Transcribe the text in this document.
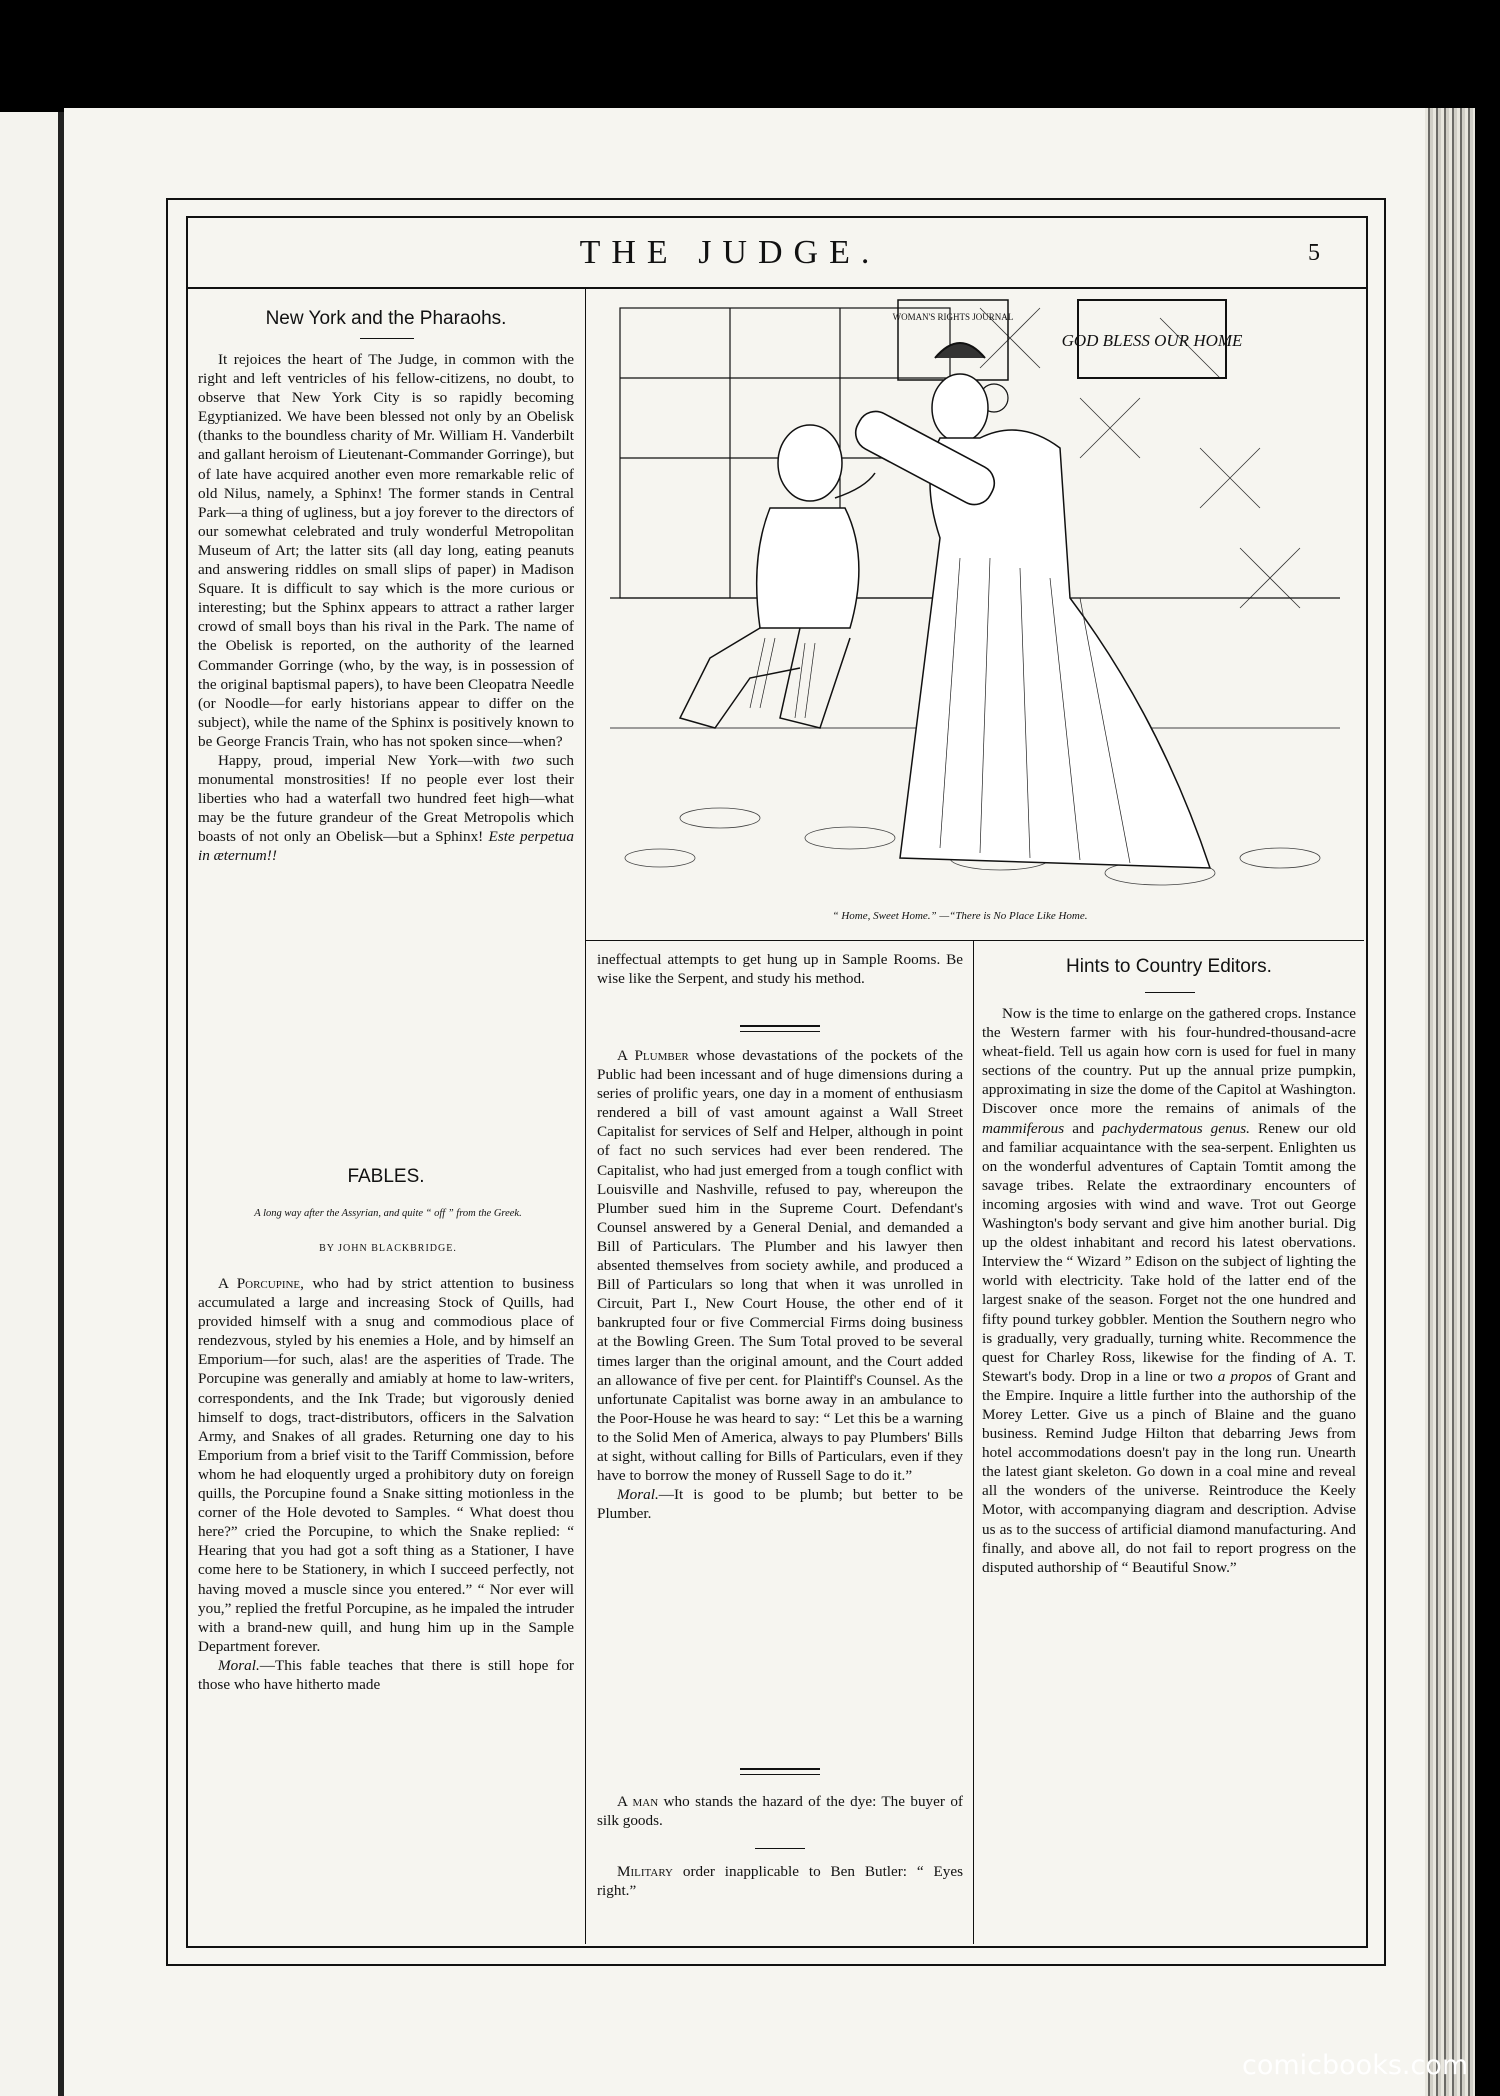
THE JUDGE.	5
New York and the Pharaohs.

It rejoices the heart of The Judge, in common with the right and left ventricles of his fellow-citizens, no doubt, to observe that New York City is so rapidly becoming Egyptianized. We have been blessed not only by an Obelisk (thanks to the boundless charity of Mr. William H. Vanderbilt and gallant heroism of Lieutenant-Commander Gorringe), but of late have acquired another even more remarkable relic of old Nilus, namely, a Sphinx! The former stands in Central Park—a thing of ugliness, but a joy forever to the directors of our somewhat celebrated and truly wonderful Metropolitan Museum of Art; the latter sits (all day long, eating peanuts and answering riddles on small slips of paper) in Madison Square. It is difficult to say which is the more curious or interesting; but the Sphinx appears to attract a rather larger crowd of small boys than his rival in the Park. The name of the Obelisk is reported, on the authority of the learned Commander Gorringe (who, by the way, is in possession of the original baptismal papers), to have been Cleopatra Needle (or Noodle—for early historians appear to differ on the subject), while the name of the Sphinx is positively known to be George Francis Train, who has not spoken since—when?

Happy, proud, imperial New York—with two such monumental monstrosities! If no people ever lost their liberties who had a waterfall two hundred feet high—what may be the future grandeur of the Great Metropolis which boasts of not only an Obelisk—but a Sphinx! Este perpetua in æternum!!

FABLES.
A long way after the Assyrian, and quite “ off ” from the Greek.
BY JOHN BLACKBRIDGE.

A Porcupine, who had by strict attention to business accumulated a large and increasing Stock of Quills, had provided himself with a snug and commodious place of rendezvous, styled by his enemies a Hole, and by himself an Emporium—for such, alas! are the asperities of Trade. The Porcupine was generally and amiably at home to law-writers, correspondents, and the Ink Trade; but vigorously denied himself to dogs, tract-distributors, officers in the Salvation Army, and Snakes of all grades. Returning one day to his Emporium from a brief visit to the Tariff Commission, before whom he had eloquently urged a prohibitory duty on foreign quills, the Porcupine found a Snake sitting motionless in the corner of the Hole devoted to Samples. “ What doest thou here?” cried the Porcupine, to which the Snake replied: “ Hearing that you had got a soft thing as a Stationer, I have come here to be Stationery, in which I succeed perfectly, not having moved a muscle since you entered.” “ Nor ever will you,” replied the fretful Porcupine, as he impaled the intruder with a brand-new quill, and hung him up in the Sample Department forever.

Moral.—This fable teaches that there is still hope for those who have hitherto made

WOMAN'S RIGHTS JOURNAL
GOD BLESS OUR HOME
“ Home, Sweet Home.” —“There is No Place Like Home.

ineffectual attempts to get hung up in Sample Rooms. Be wise like the Serpent, and study his method.

A Plumber whose devastations of the pockets of the Public had been incessant and of huge dimensions during a series of prolific years, one day in a moment of enthusiasm rendered a bill of vast amount against a Wall Street Capitalist for services of Self and Helper, although in point of fact no such services had ever been rendered. The Capitalist, who had just emerged from a tough conflict with Louisville and Nashville, refused to pay, whereupon the Plumber sued him in the Supreme Court. Defendant's Counsel answered by a General Denial, and demanded a Bill of Particulars. The Plumber and his lawyer then absented themselves from society awhile, and produced a Bill of Particulars so long that when it was unrolled in Circuit, Part I., New Court House, the other end of it bankrupted four or five Commercial Firms doing business at the Bowling Green. The Sum Total proved to be several times larger than the original amount, and the Court added an allowance of five per cent. for Plaintiff's Counsel. As the unfortunate Capitalist was borne away in an ambulance to the Poor-House he was heard to say: “ Let this be a warning to the Solid Men of America, always to pay Plumbers' Bills at sight, without calling for Bills of Particulars, even if they have to borrow the money of Russell Sage to do it.”

Moral.—It is good to be plumb; but better to be Plumber.

A man who stands the hazard of the dye: The buyer of silk goods.

Military order inapplicable to Ben Butler: “ Eyes right.”

Hints to Country Editors.

Now is the time to enlarge on the gathered crops. Instance the Western farmer with his four-hundred-thousand-acre wheat-field. Tell us again how corn is used for fuel in many sections of the country. Put up the annual prize pumpkin, approximating in size the dome of the Capitol at Washington. Discover once more the remains of animals of the mammiferous and pachydermatous genus. Renew our old and familiar acquaintance with the sea-serpent. Enlighten us on the wonderful adventures of Captain Tomtit among the savage tribes. Relate the extraordinary encounters of incoming argosies with wind and wave. Trot out George Washington's body servant and give him another burial. Dig up the oldest inhabitant and record his latest obervations. Interview the “ Wizard ” Edison on the subject of lighting the world with electricity. Take hold of the latter end of the largest snake of the season. Forget not the one hundred and fifty pound turkey gobbler. Mention the Southern negro who is gradually, very gradually, turning white. Recommence the quest for Charley Ross, likewise for the finding of A. T. Stewart's body. Drop in a line or two a propos of Grant and the Empire. Inquire a little further into the authorship of the Morey Letter. Give us a pinch of Blaine and the guano business. Remind Judge Hilton that debarring Jews from hotel accommodations doesn't pay in the long run. Unearth the latest giant skeleton. Go down in a coal mine and reveal all the wonders of the universe. Reintroduce the Keely Motor, with accompanying diagram and description. Advise us as to the success of artificial diamond manufacturing. And finally, and above all, do not fail to report progress on the disputed authorship of “ Beautiful Snow.”

comicbooks.com
